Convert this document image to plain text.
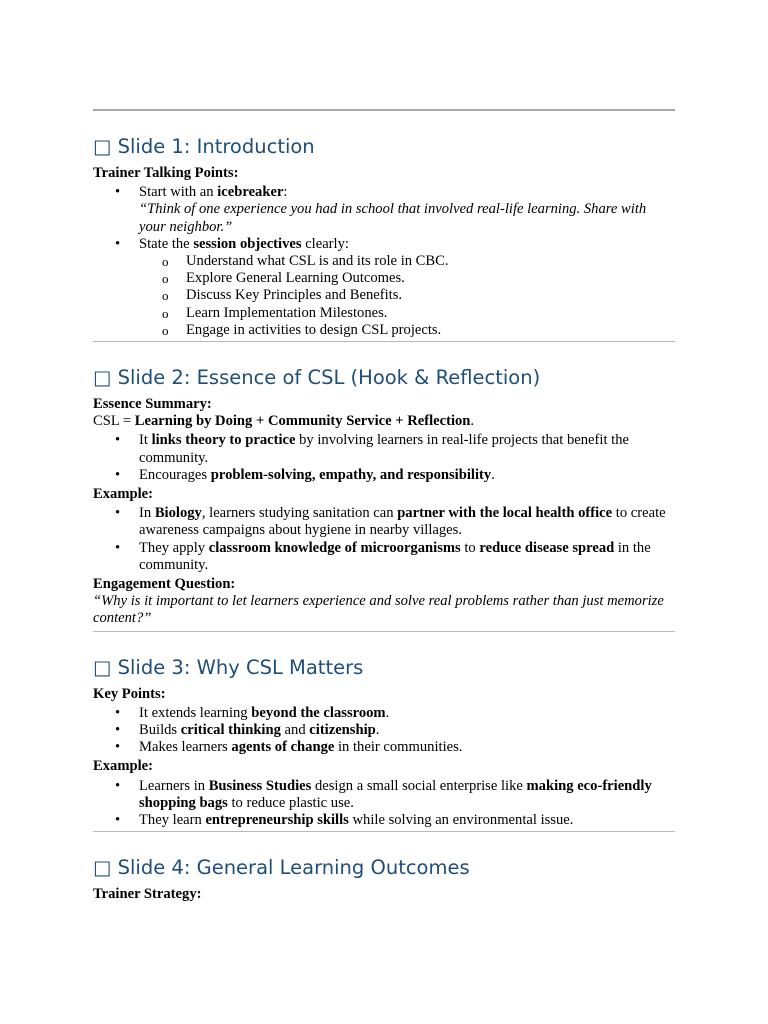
□ Slide 1: Introduction

Trainer Talking Points:

• Start with an icebreaker:
“Think of one experience you had in school that involved real-life learning. Share with your neighbor.”
• State the session objectives clearly:
o Understand what CSL is and its role in CBC.
o Explore General Learning Outcomes.
o Discuss Key Principles and Benefits.
o Learn Implementation Milestones.
o Engage in activities to design CSL projects.
□ Slide 2: Essence of CSL (Hook & Reflection)

Essence Summary:

CSL = Learning by Doing + Community Service + Reflection.

• It links theory to practice by involving learners in real-life projects that benefit the community.
• Encourages problem-solving, empathy, and responsibility.

Example:

• In Biology, learners studying sanitation can partner with the local health office to create awareness campaigns about hygiene in nearby villages.
• They apply classroom knowledge of microorganisms to reduce disease spread in the community.

Engagement Question:

“Why is it important to let learners experience and solve real problems rather than just memorize content?”

□ Slide 3: Why CSL Matters

Key Points:

• It extends learning beyond the classroom.
• Builds critical thinking and citizenship.
• Makes learners agents of change in their communities.

Example:

• Learners in Business Studies design a small social enterprise like making eco-friendly shopping bags to reduce plastic use.
• They learn entrepreneurship skills while solving an environmental issue.
□ Slide 4: General Learning Outcomes

Trainer Strategy:
